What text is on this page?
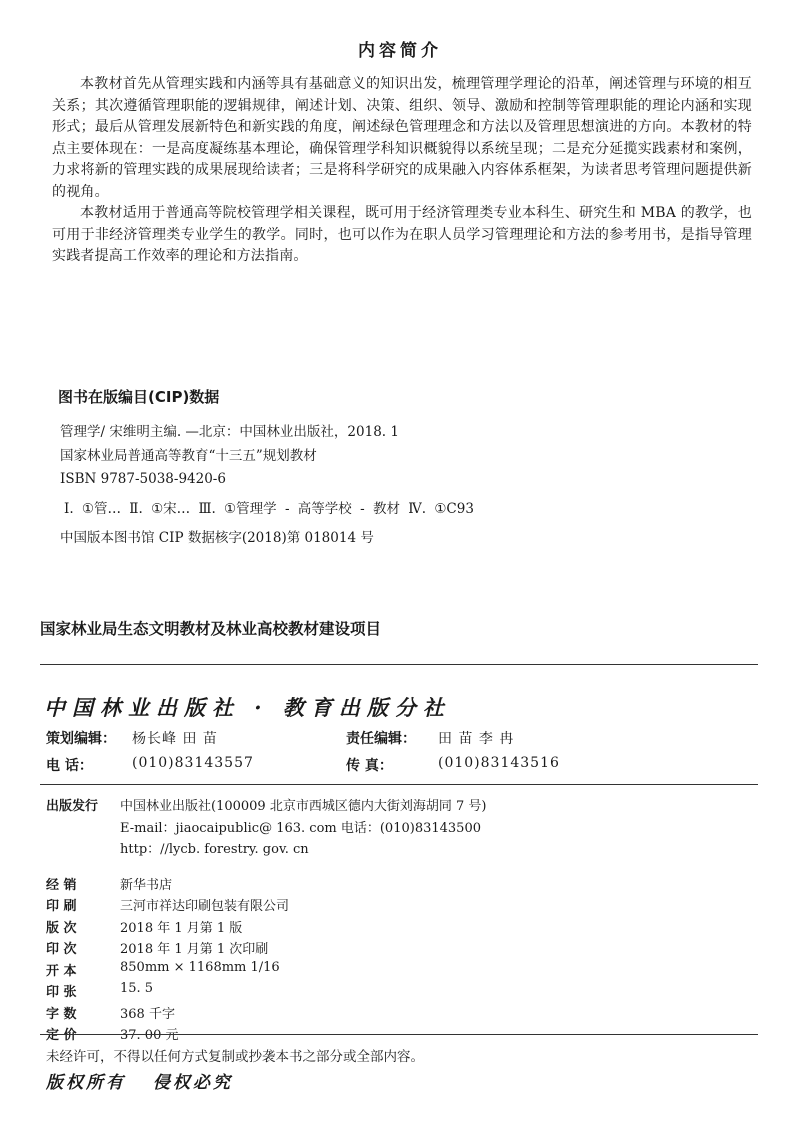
内容简介

本教材首先从管理实践和内涵等具有基础意义的知识出发，梳理管理学理论的沿革，阐述管理与环境的相互关系；其次遵循管理职能的逻辑规律，阐述计划、决策、组织、领导、激励和控制等管理职能的理论内涵和实现形式；最后从管理发展新特色和新实践的角度，阐述绿色管理理念和方法以及管理思想演进的方向。本教材的特点主要体现在：一是高度凝练基本理论，确保管理学科知识概貌得以系统呈现；二是充分延揽实践素材和案例，力求将新的管理实践的成果展现给读者；三是将科学研究的成果融入内容体系框架，为读者思考管理问题提供新的视角。

本教材适用于普通高等院校管理学相关课程，既可用于经济管理类专业本科生、研究生和 MBA 的教学，也可用于非经济管理类专业学生的教学。同时，也可以作为在职人员学习管理理论和方法的参考用书，是指导管理实践者提高工作效率的理论和方法指南。

图书在版编目(CIP)数据
管理学/ 宋维明主编. —北京：中国林业出版社，2018. 1
国家林业局普通高等教育“十三五”规划教材
ISBN 9787-5038-9420-6
Ⅰ. ①管… Ⅱ. ①宋… Ⅲ. ①管理学 - 高等学校 - 教材 Ⅳ. ①C93
中国版本图书馆 CIP 数据核字(2018)第 018014 号
国家林业局生态文明教材及林业高校教材建设项目
中国林业出版社 · 教育出版分社
策划编辑： 杨长峰 田 苗	责任编辑： 田 苗 李 冉
电 话：	(010)83143557	传 真：	(010)83143516
出版发行	中国林业出版社(100009 北京市西城区德内大街刘海胡同 7 号)
E-mail：jiaocaipublic@ 163. com 电话：(010)83143500
http：//lycb. forestry. gov. cn
经 销	新华书店
印 刷	三河市祥达印刷包装有限公司
版 次	2018 年 1 月第 1 版
印 次	2018 年 1 月第 1 次印刷
开 本	850mm × 1168mm 1/16
印 张	15. 5
字 数	368 千字
定 价	37. 00 元
未经许可，不得以任何方式复制或抄袭本书之部分或全部内容。
版权所有 侵权必究
